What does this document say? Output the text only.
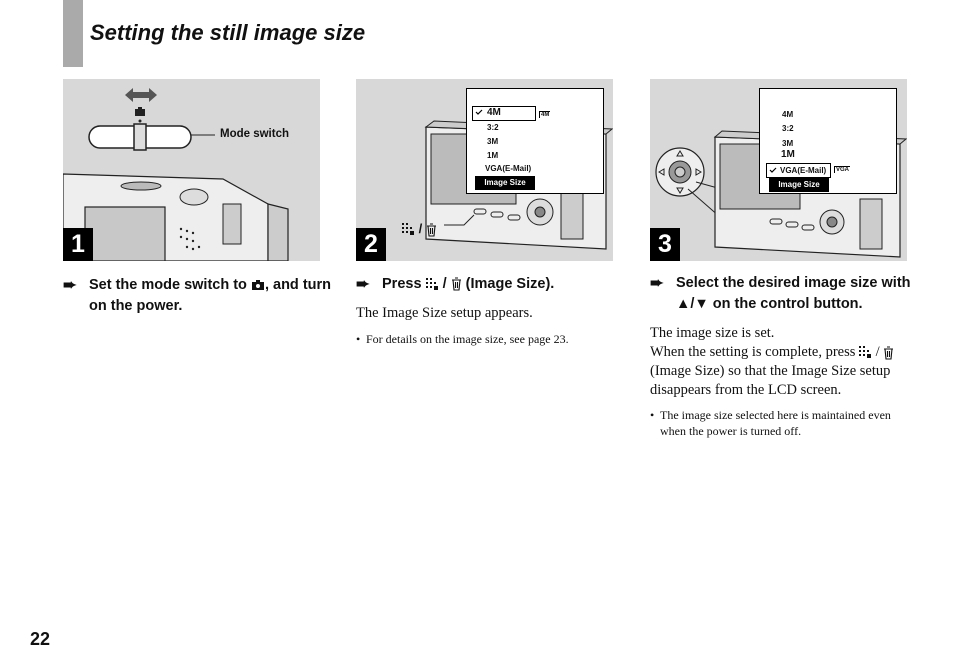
Setting the still image size
Mode switch
1
➨ Set the mode switch to , and turn on the power.
4M
3:2
3M
1M
VGA(E-Mail)
Image Size
4M
/
2
➨ Press  /  (Image Size).
The Image Size setup appears.
• For details on the image size, see page 23.
4M
3:2
3M
1M
VGA(E-Mail)
Image Size
VGA
3
➨ Select the desired image size with ▲/▼ on the control button.
The image size is set.
When the setting is complete, press  /  (Image Size) so that the Image Size setup disappears from the LCD screen.
• The image size selected here is maintained even when the power is turned off.
22
